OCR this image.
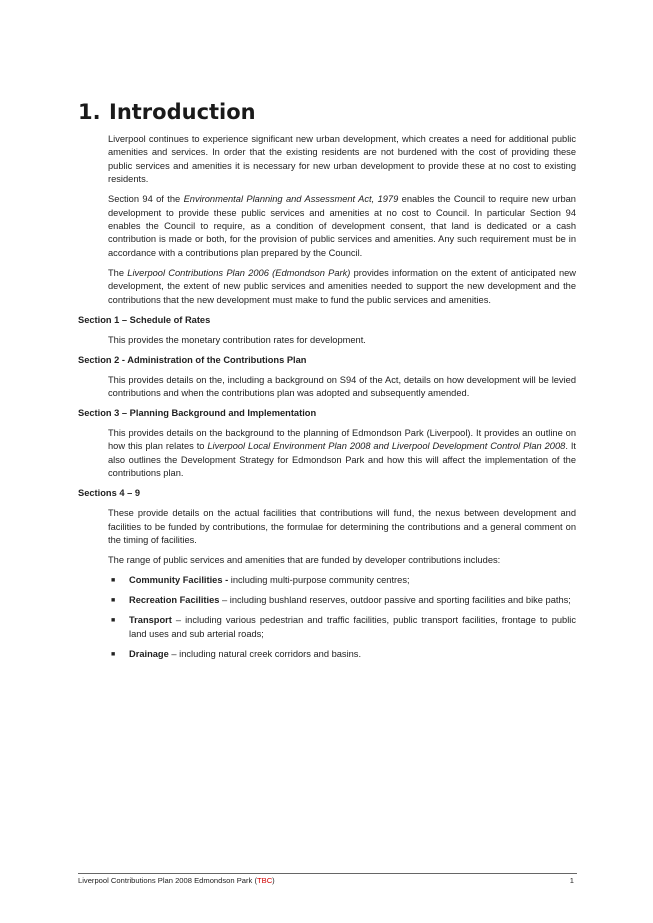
1. Introduction

Liverpool continues to experience significant new urban development, which creates a need for additional public amenities and services. In order that the existing residents are not burdened with the cost of providing these public services and amenities it is necessary for new urban development to provide these at no cost to existing residents.

Section 94 of the Environmental Planning and Assessment Act, 1979 enables the Council to require new urban development to provide these public services and amenities at no cost to Council. In particular Section 94 enables the Council to require, as a condition of development consent, that land is dedicated or a cash contribution is made or both, for the provision of public services and amenities. Any such requirement must be in accordance with a contributions plan prepared by the Council.

The Liverpool Contributions Plan 2006 (Edmondson Park) provides information on the extent of anticipated new development, the extent of new public services and amenities needed to support the new development and the contributions that the new development must make to fund the public services and amenities.

Section 1 – Schedule of Rates

This provides the monetary contribution rates for development.

Section 2 - Administration of the Contributions Plan

This provides details on the, including a background on S94 of the Act, details on how development will be levied contributions and when the contributions plan was adopted and subsequently amended.

Section 3 – Planning Background and Implementation

This provides details on the background to the planning of Edmondson Park (Liverpool). It provides an outline on how this plan relates to Liverpool Local Environment Plan 2008 and Liverpool Development Control Plan 2008. It also outlines the Development Strategy for Edmondson Park and how this will affect the implementation of the contributions plan.

Sections 4 – 9

These provide details on the actual facilities that contributions will fund, the nexus between development and facilities to be funded by contributions, the formulae for determining the contributions and a general comment on the timing of facilities.

The range of public services and amenities that are funded by developer contributions includes:

■ Community Facilities - including multi-purpose community centres;
■ Recreation Facilities – including bushland reserves, outdoor passive and sporting facilities and bike paths;
■ Transport – including various pedestrian and traffic facilities, public transport facilities, frontage to public land uses and sub arterial roads;
■ Drainage – including natural creek corridors and basins.
Liverpool Contributions Plan 2008 Edmondson Park (TBC)	1
